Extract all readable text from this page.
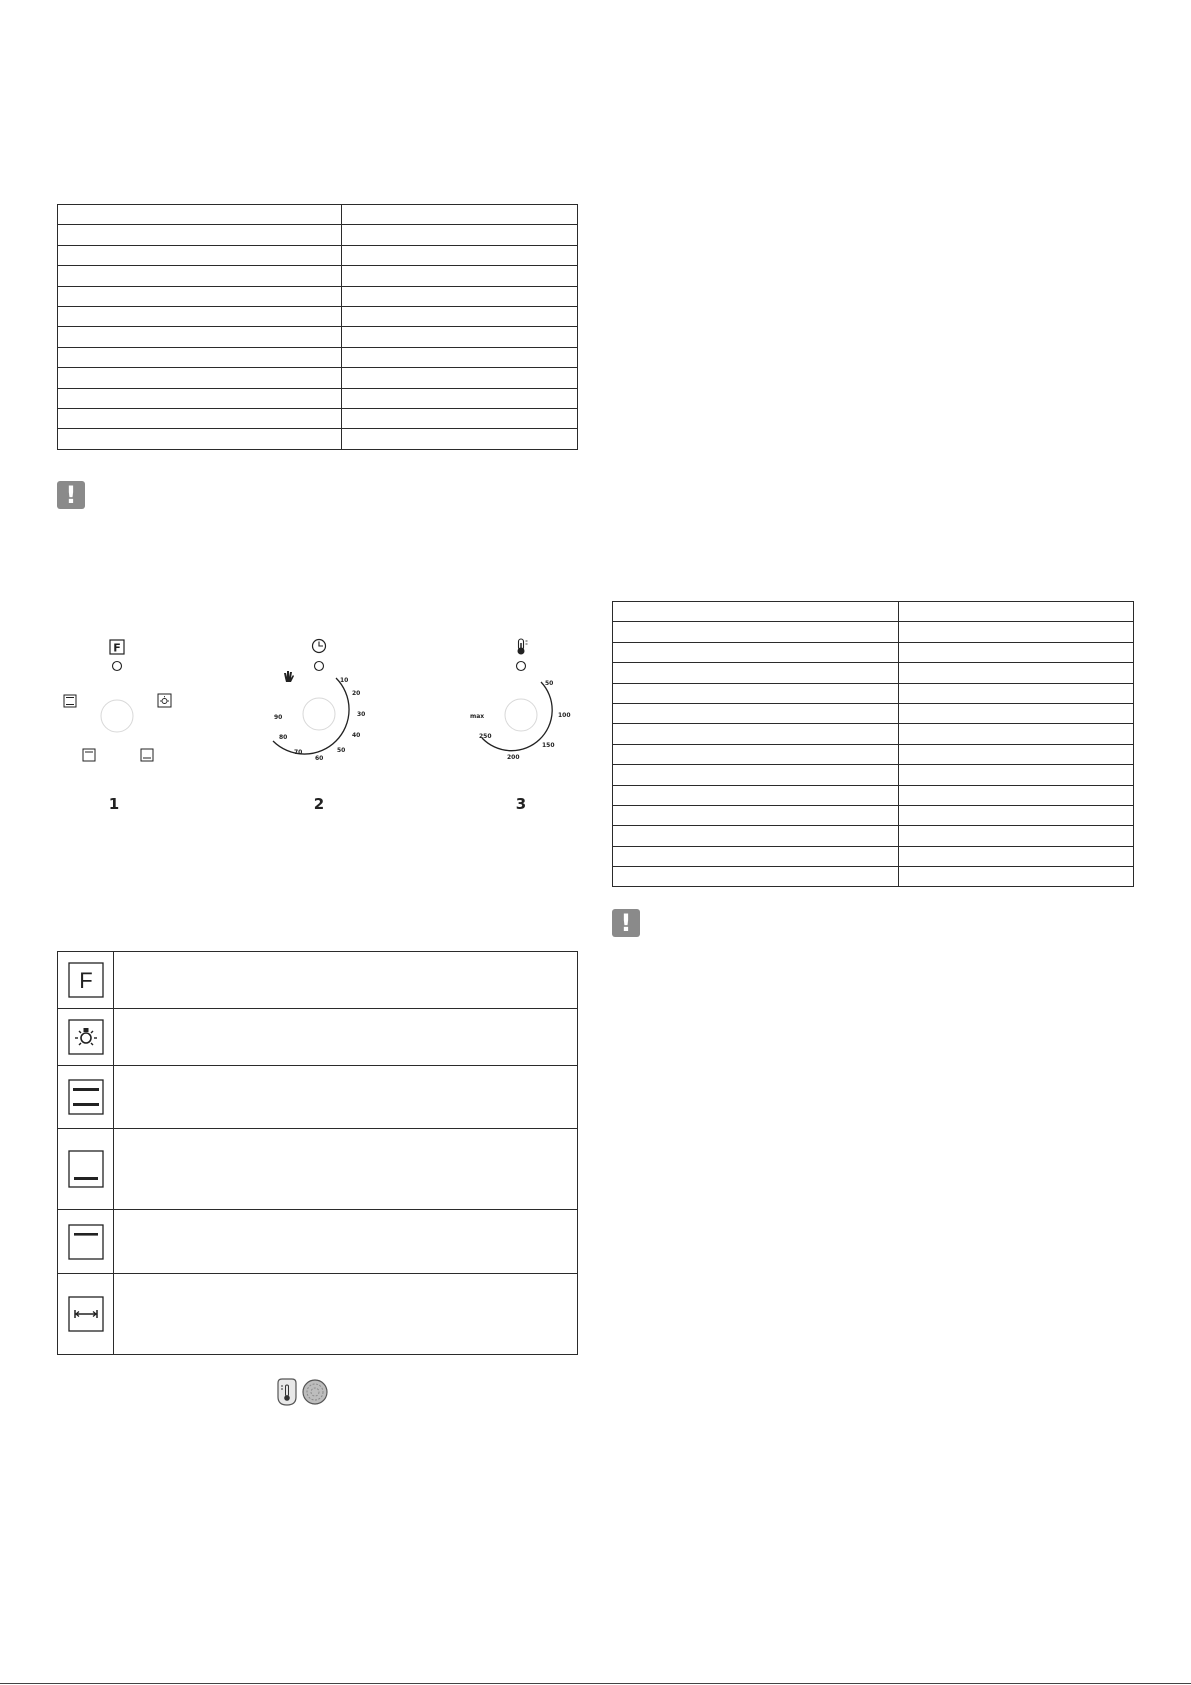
!
F
1
10
20
30
40
50
60
70
80
90
2
50
100
150
200
250
max
3
F	

!
